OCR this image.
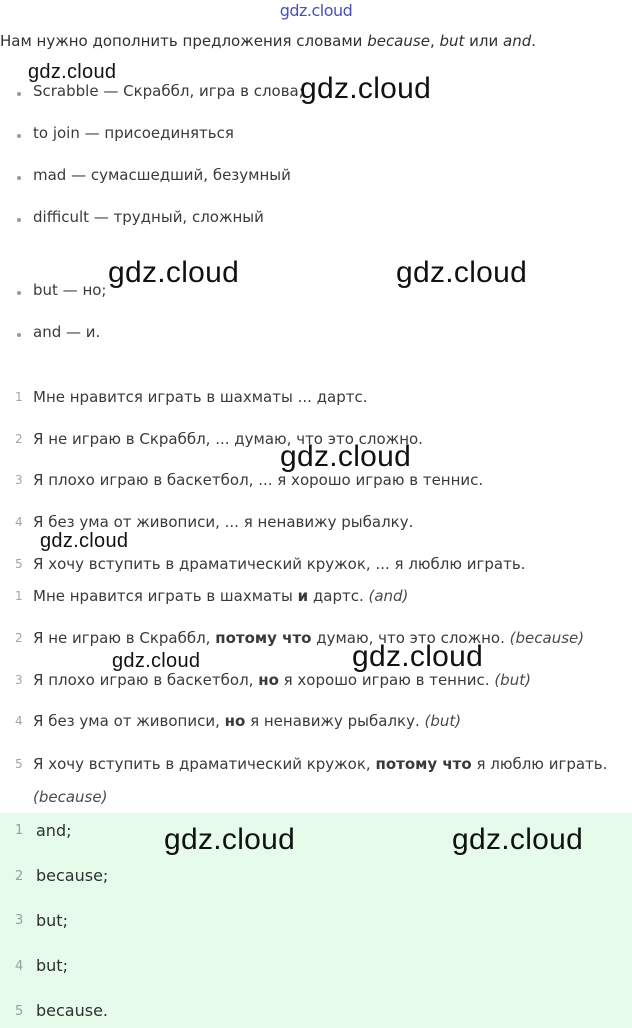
gdz.cloud
Нам нужно дополнить предложения словами because, but или and.
Scrabble — Скраббл, игра в слова;
to join — присоединяться
mad — сумасшедший, безумный
difficult — трудный, сложный
but — но;
and — и.
1 Мне нравится играть в шахматы ... дартс.
2 Я не играю в Скраббл, ... думаю, что это сложно.
3 Я плохо играю в баскетбол, ... я хорошо играю в теннис.
4 Я без ума от живописи, ... я ненавижу рыбалку.
5 Я хочу вступить в драматический кружок, ... я люблю играть.
1 Мне нравится играть в шахматы и дартс. (and)
2 Я не играю в Скраббл, потому что думаю, что это сложно. (because)
3 Я плохо играю в баскетбол, но я хорошо играю в теннис. (but)
4 Я без ума от живописи, но я ненавижу рыбалку. (but)
5 Я хочу вступить в драматический кружок, потому что я люблю играть.
(because)
1 and;
2 because;
3 but;
4 but;
5 because.
gdz.cloud	gdz.cloud
gdz.cloud	gdz.cloud
gdz.cloud
gdz.cloud
gdz.cloud	gdz.cloud
gdz.cloud	gdz.cloud
